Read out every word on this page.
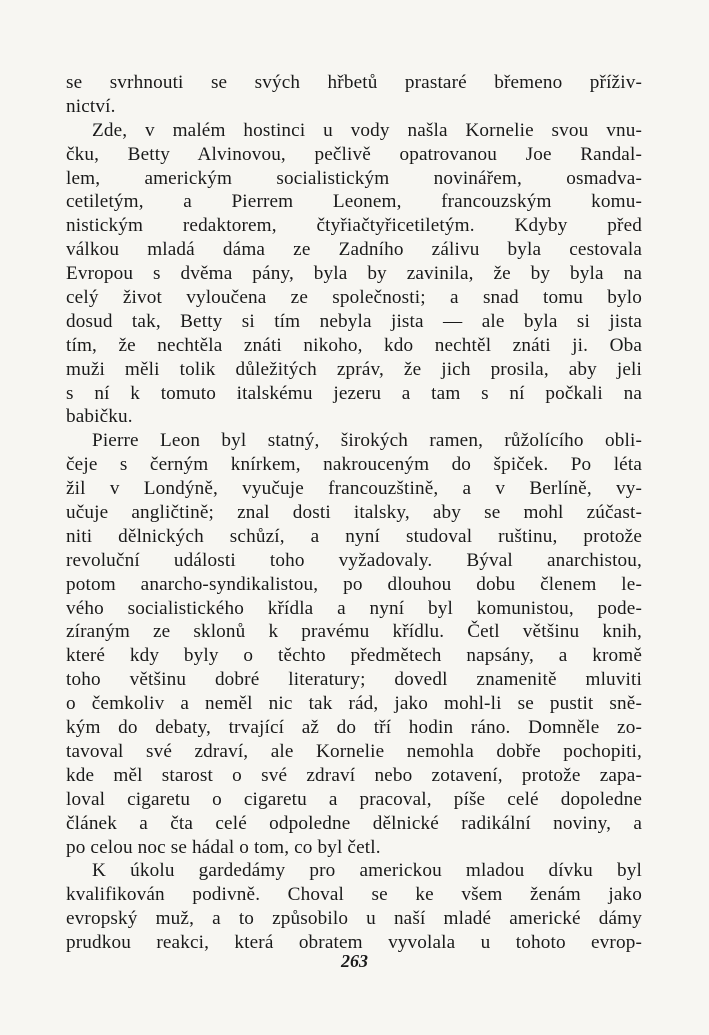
se svrhnouti se svých hřbetů prastaré břemeno příživ-
nictví.
Zde, v malém hostinci u vody našla Kornelie svou vnu-
čku, Betty Alvinovou, pečlivě opatrovanou Joe Randal-
lem, americkým socialistickým novinářem, osmadva-
cetiletým, a Pierrem Leonem, francouzským komu-
nistickým redaktorem, čtyřiačtyřicetiletým. Kdyby před
válkou mladá dáma ze Zadního zálivu byla cestovala
Evropou s dvěma pány, byla by zavinila, že by byla na
celý život vyloučena ze společnosti; a snad tomu bylo
dosud tak, Betty si tím nebyla jista — ale byla si jista
tím, že nechtěla znáti nikoho, kdo nechtěl znáti ji. Oba
muži měli tolik důležitých zpráv, že jich prosila, aby jeli
s ní k tomuto italskému jezeru a tam s ní počkali na
babičku.
Pierre Leon byl statný, širokých ramen, růžolícího obli-
čeje s černým knírkem, nakrouceným do špiček. Po léta
žil v Londýně, vyučuje francouzštině, a v Berlíně, vy-
učuje angličtině; znal dosti italsky, aby se mohl zúčast-
niti dělnických schůzí, a nyní studoval ruštinu, protože
revoluční události toho vyžadovaly. Býval anarchistou,
potom anarcho-syndikalistou, po dlouhou dobu členem le-
vého socialistického křídla a nyní byl komunistou, pode-
zíraným ze sklonů k pravému křídlu. Četl většinu knih,
které kdy byly o těchto předmětech napsány, a kromě
toho většinu dobré literatury; dovedl znamenitě mluviti
o čemkoliv a neměl nic tak rád, jako mohl-li se pustit sně-
kým do debaty, trvající až do tří hodin ráno. Domněle zo-
tavoval své zdraví, ale Kornelie nemohla dobře pochopiti,
kde měl starost o své zdraví nebo zotavení, protože zapa-
loval cigaretu o cigaretu a pracoval, píše celé dopoledne
článek a čta celé odpoledne dělnické radikální noviny, a
po celou noc se hádal o tom, co byl četl.
K úkolu gardedámy pro americkou mladou dívku byl
kvalifikován podivně. Choval se ke všem ženám jako
evropský muž, a to způsobilo u naší mladé americké dámy
prudkou reakci, která obratem vyvolala u tohoto evrop-
263
